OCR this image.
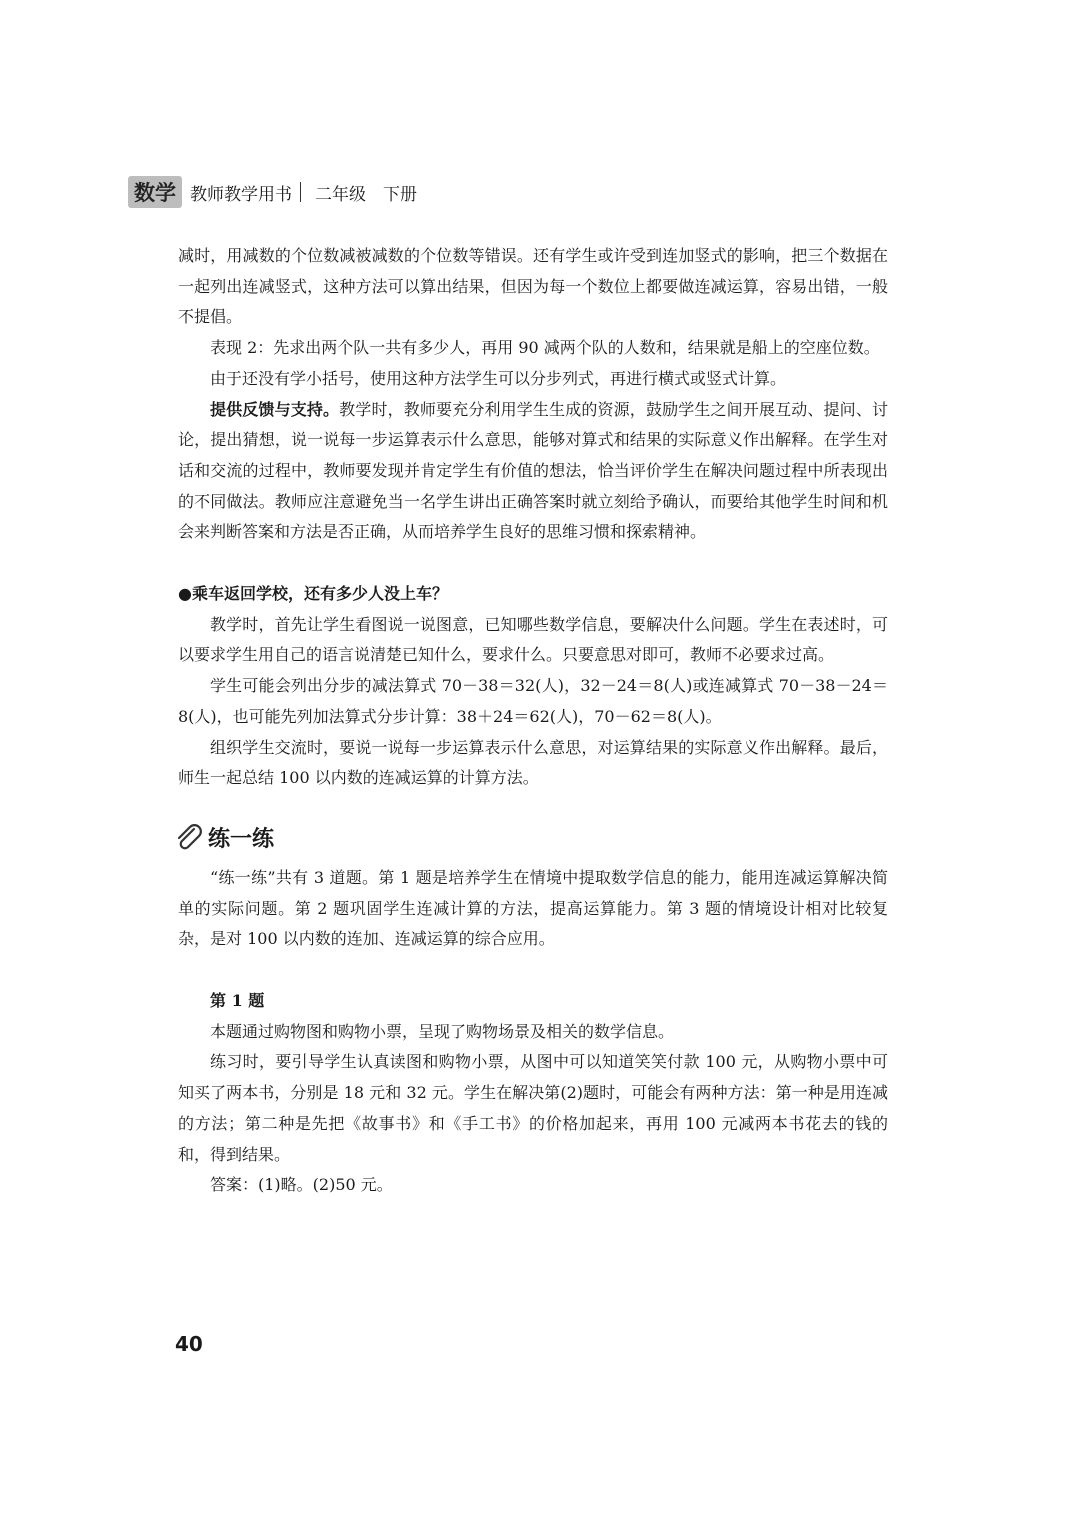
数学 教师教学用书 二年级　下册

减时，用减数的个位数减被减数的个位数等错误。还有学生或许受到连加竖式的影响，把三个数据在一起列出连减竖式，这种方法可以算出结果，但因为每一个数位上都要做连减运算，容易出错，一般不提倡。

表现 2：先求出两个队一共有多少人，再用 90 减两个队的人数和，结果就是船上的空座位数。

由于还没有学小括号，使用这种方法学生可以分步列式，再进行横式或竖式计算。

提供反馈与支持。教学时，教师要充分利用学生生成的资源，鼓励学生之间开展互动、提问、讨论，提出猜想，说一说每一步运算表示什么意思，能够对算式和结果的实际意义作出解释。在学生对话和交流的过程中，教师要发现并肯定学生有价值的想法，恰当评价学生在解决问题过程中所表现出的不同做法。教师应注意避免当一名学生讲出正确答案时就立刻给予确认，而要给其他学生时间和机会来判断答案和方法是否正确，从而培养学生良好的思维习惯和探索精神。

●乘车返回学校，还有多少人没上车？

教学时，首先让学生看图说一说图意，已知哪些数学信息，要解决什么问题。学生在表述时，可以要求学生用自己的语言说清楚已知什么，要求什么。只要意思对即可，教师不必要求过高。

学生可能会列出分步的减法算式 70－38＝32(人)，32－24＝8(人)或连减算式 70－38－24＝8(人)，也可能先列加法算式分步计算：38＋24＝62(人)，70－62＝8(人)。

组织学生交流时，要说一说每一步运算表示什么意思，对运算结果的实际意义作出解释。最后，师生一起总结 100 以内数的连减运算的计算方法。

练一练

“练一练”共有 3 道题。第 1 题是培养学生在情境中提取数学信息的能力，能用连减运算解决简单的实际问题。第 2 题巩固学生连减计算的方法，提高运算能力。第 3 题的情境设计相对比较复杂，是对 100 以内数的连加、连减运算的综合应用。

第 1 题

本题通过购物图和购物小票，呈现了购物场景及相关的数学信息。

练习时，要引导学生认真读图和购物小票，从图中可以知道笑笑付款 100 元，从购物小票中可知买了两本书，分别是 18 元和 32 元。学生在解决第(2)题时，可能会有两种方法：第一种是用连减的方法；第二种是先把《故事书》和《手工书》的价格加起来，再用 100 元减两本书花去的钱的和，得到结果。

答案：(1)略。(2)50 元。

40
